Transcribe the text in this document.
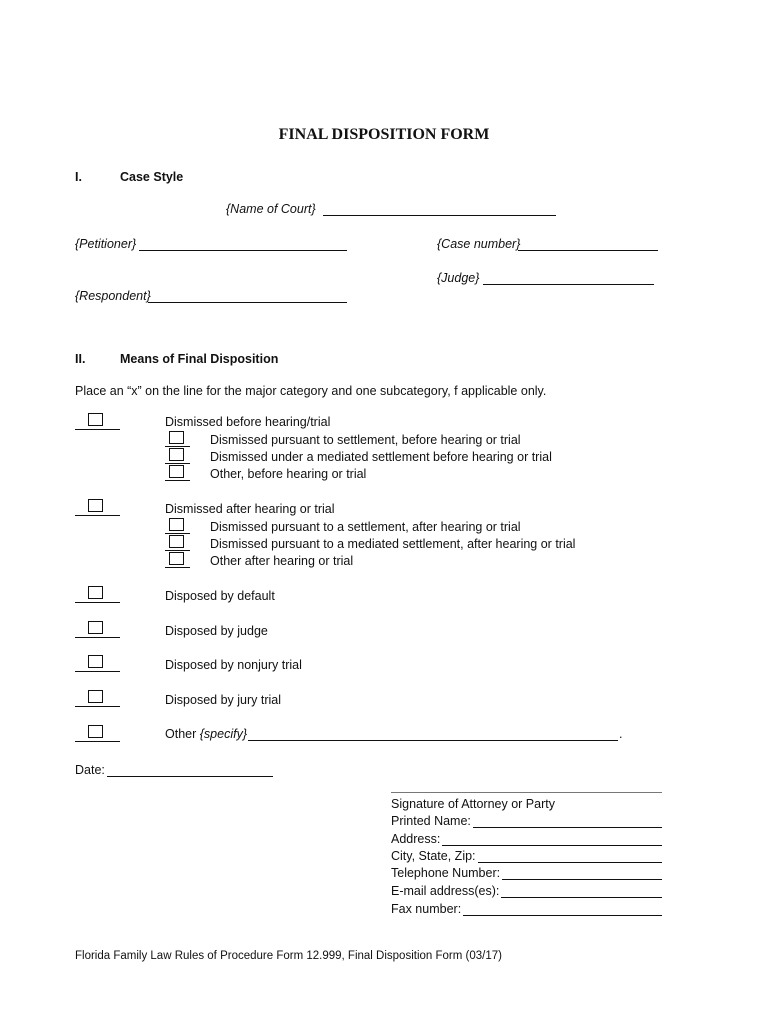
FINAL DISPOSITION FORM
I.	Case Style
{Name of Court}
{Petitioner}	{Case number}
{Judge}
{Respondent}
II.	Means of Final Disposition
Place an “x” on the line for the major category and one subcategory, f applicable only.
Dismissed before hearing/trial
Dismissed pursuant to settlement, before hearing or trial
Dismissed under a mediated settlement before hearing or trial
Other, before hearing or trial
Dismissed after hearing or trial
Dismissed pursuant to a settlement, after hearing or trial
Dismissed pursuant to a mediated settlement, after hearing or trial
Other after hearing or trial
Disposed by default
Disposed by judge
Disposed by nonjury trial
Disposed by jury trial
Other {specify}	.
Date:
Signature of Attorney or Party
Printed Name:
Address:
City, State, Zip:
Telephone Number:
E-mail address(es):
Fax number:
Florida Family Law Rules of Procedure Form 12.999, Final Disposition Form (03/17)
